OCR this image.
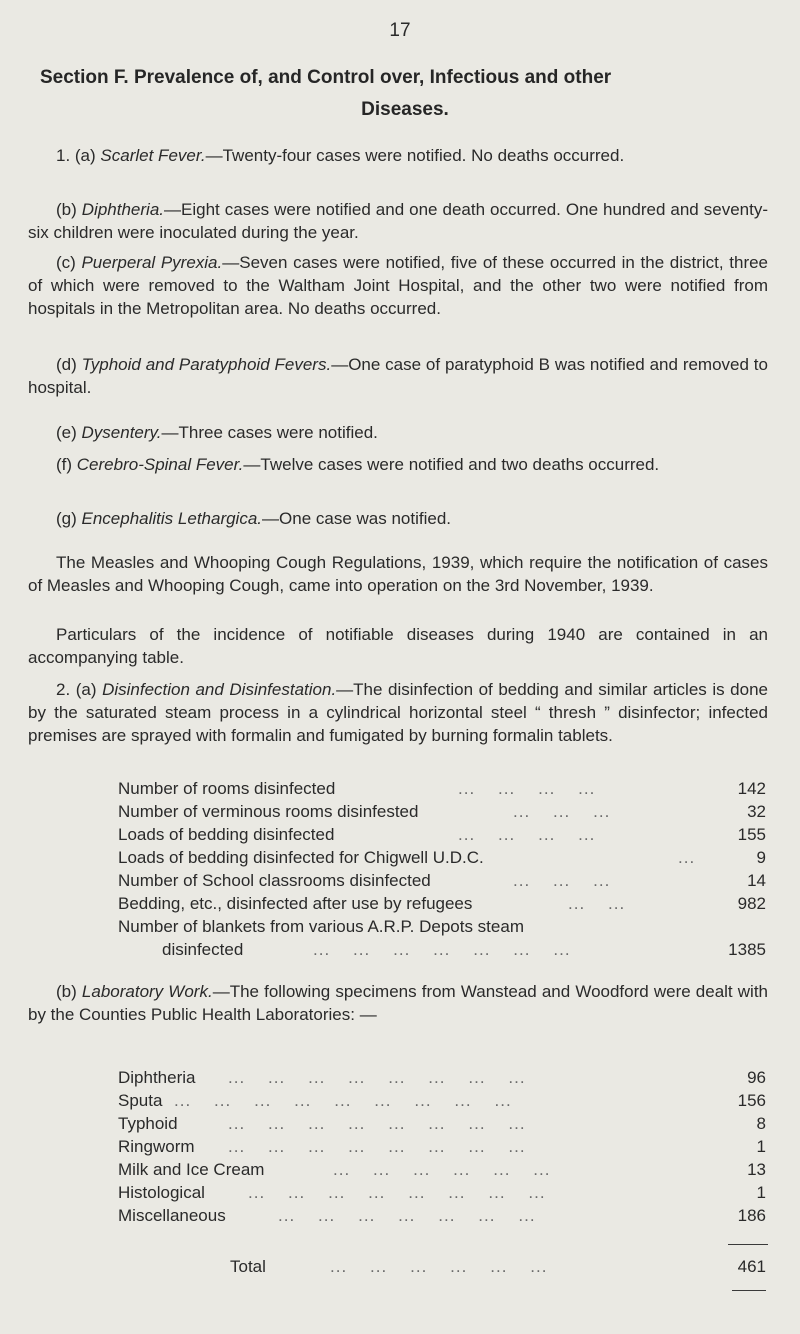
17
Section F. Prevalence of, and Control over, Infectious and other
Diseases.

1. (a) Scarlet Fever.—Twenty-four cases were notified. No deaths occurred.

(b) Diphtheria.—Eight cases were notified and one death occurred. One hundred and seventy-six children were inoculated during the year.

(c) Puerperal Pyrexia.—Seven cases were notified, five of these occurred in the district, three of which were removed to the Waltham Joint Hospital, and the other two were notified from hospitals in the Metropolitan area. No deaths occurred.

(d) Typhoid and Paratyphoid Fevers.—One case of paratyphoid B was notified and removed to hospital.

(e) Dysentery.—Three cases were notified.

(f) Cerebro-Spinal Fever.—Twelve cases were notified and two deaths occurred.

(g) Encephalitis Lethargica.—One case was notified.

The Measles and Whooping Cough Regulations, 1939, which require the notification of cases of Measles and Whooping Cough, came into operation on the 3rd November, 1939.

Particulars of the incidence of notifiable diseases during 1940 are contained in an accompanying table.

2. (a) Disinfection and Disinfestation.—The disinfection of bedding and similar articles is done by the saturated steam process in a cylindrical horizontal steel “ thresh ” disinfector; infected premises are sprayed with formalin and fumigated by burning formalin tablets.

Number of rooms disinfected	...    ...    ...    ...	142
Number of verminous rooms disinfested	...    ...    ...	32
Loads of bedding disinfected	...    ...    ...    ...	155
Loads of bedding disinfected for Chigwell U.D.C.	...	9
Number of School classrooms disinfected	...    ...    ...	14
Bedding, etc., disinfected after use by refugees	...    ...	982
Number of blankets from various A.R.P. Depots steam
disinfected	...    ...    ...    ...    ...    ...    ...	1385

(b) Laboratory Work.—The following specimens from Wanstead and Woodford were dealt with by the Counties Public Health Laboratories: —

Diphtheria ...    ...    ...    ...    ...    ...    ...    ...	96
Sputa ...    ...    ...    ...    ...    ...    ...    ...    ...	156
Typhoid	...    ...    ...    ...    ...    ...    ...    ...	8
Ringworm ...    ...    ...    ...    ...    ...    ...    ...	1
Milk and Ice Cream	...    ...    ...    ...    ...    ...	13
Histological	...    ...    ...    ...    ...    ...    ...    ...	1
Miscellaneous	...    ...    ...    ...    ...    ...    ...	186
Total	...    ...    ...    ...    ...    ...	461
